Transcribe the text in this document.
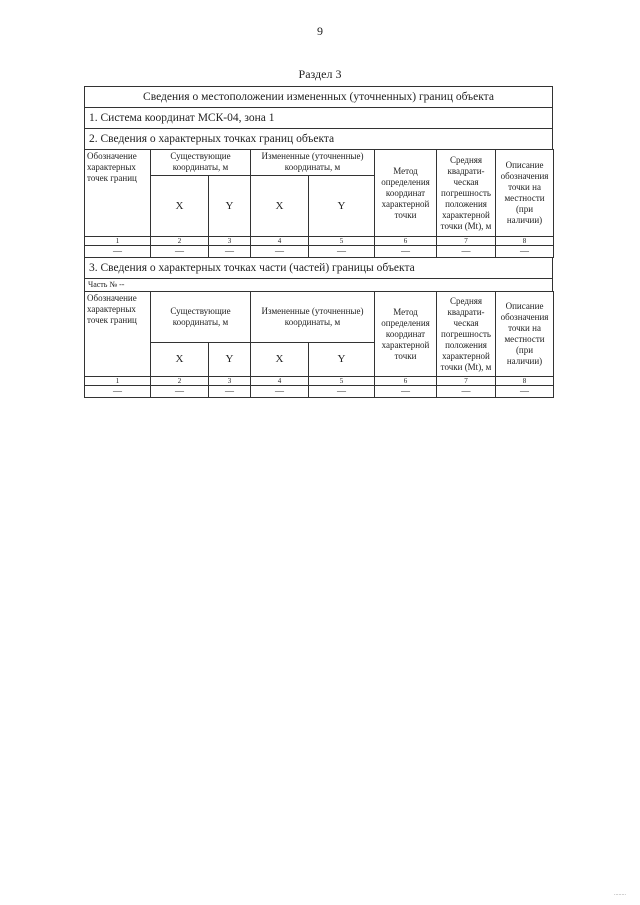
9
Раздел 3
Сведения о местоположении измененных (уточненных) границ объекта
1. Система координат МСК-04, зона 1
2. Сведения о характерных точках границ объекта
Обозначение характерных точек границ	Существующие координаты, м		Измененные (уточненные) координаты, м		Метод определения координат характерной точки	Средняя квадрати-ческая погрешность положения характерной точки (Mt), м	Описание обозначения точки на местности (при наличии)
	X	Y	X	Y			
1	2	3	4	5	6	7	8
—	—	—	—	—	—	—	—
3. Сведения о характерных точках части (частей) границы объекта
Часть № --
Обозначение характерных точек границ	Существующие координаты, м		Измененные (уточненные) координаты, м		Метод определения координат характерной точки	Средняя квадрати-ческая погрешность положения характерной точки (Mt), м	Описание обозначения точки на местности (при наличии)
	X	Y	X	Y			
1	2	3	4	5	6	7	8
—	—	—	—	—	—	—	—
........
